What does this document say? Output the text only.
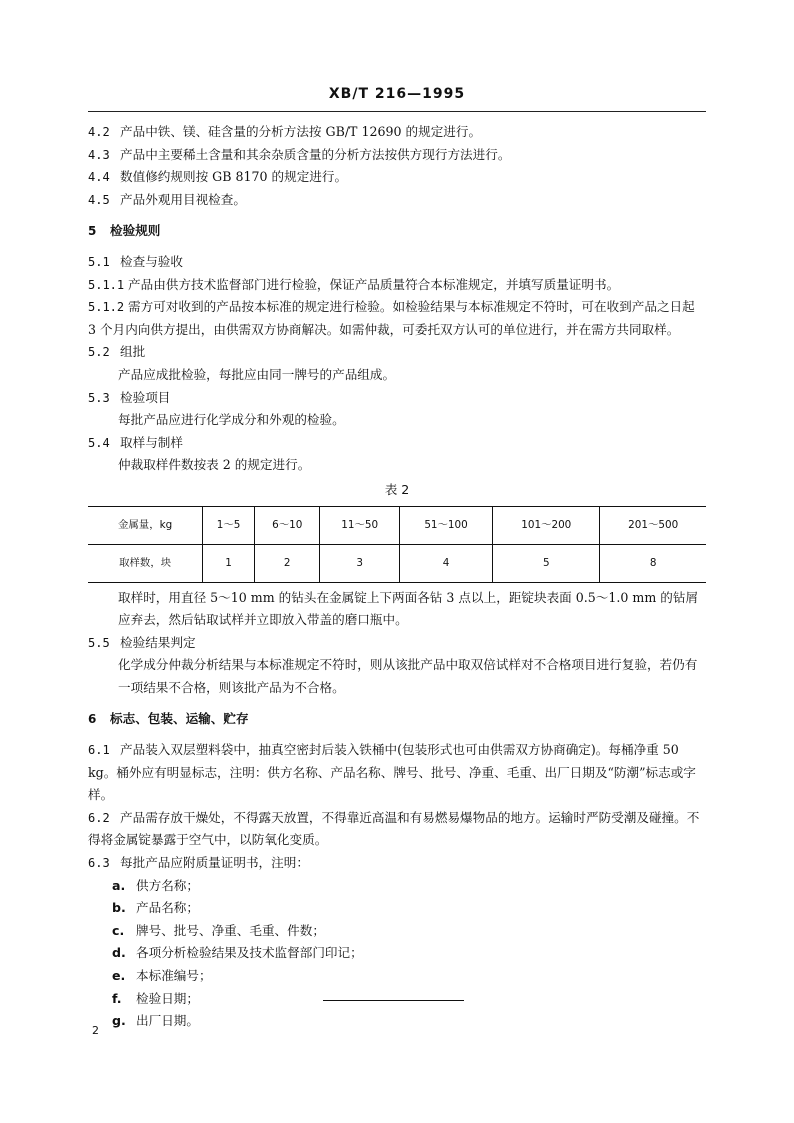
XB/T 216—1995

4.2 产品中铁、镁、硅含量的分析方法按 GB/T 12690 的规定进行。

4.3 产品中主要稀土含量和其余杂质含量的分析方法按供方现行方法进行。

4.4 数值修约规则按 GB 8170 的规定进行。

4.5 产品外观用目视检查。

5 检验规则

5.1 检查与验收

5.1.1 产品由供方技术监督部门进行检验，保证产品质量符合本标准规定，并填写质量证明书。

5.1.2 需方可对收到的产品按本标准的规定进行检验。如检验结果与本标准规定不符时，可在收到产品之日起 3 个月内向供方提出，由供需双方协商解决。如需仲裁，可委托双方认可的单位进行，并在需方共同取样。

5.2 组批

产品应成批检验，每批应由同一牌号的产品组成。

5.3 检验项目

每批产品应进行化学成分和外观的检验。

5.4 取样与制样

仲裁取样件数按表 2 的规定进行。

表 2
金属量，kg	1～5	6～10	11～50	51～100	101～200	201～500
取样数，块	1	2	3	4	5	8

取样时，用直径 5～10 mm 的钻头在金属锭上下两面各钻 3 点以上，距锭块表面 0.5～1.0 mm 的钻屑应弃去，然后钻取试样并立即放入带盖的磨口瓶中。

5.5 检验结果判定

化学成分仲裁分析结果与本标准规定不符时，则从该批产品中取双倍试样对不合格项目进行复验，若仍有一项结果不合格，则该批产品为不合格。

6 标志、包装、运输、贮存

6.1 产品装入双层塑料袋中，抽真空密封后装入铁桶中(包装形式也可由供需双方协商确定)。每桶净重 50 kg。桶外应有明显标志，注明：供方名称、产品名称、牌号、批号、净重、毛重、出厂日期及“防潮”标志或字样。

6.2 产品需存放干燥处，不得露天放置，不得靠近高温和有易燃易爆物品的地方。运输时严防受潮及碰撞。不得将金属锭暴露于空气中，以防氧化变质。

6.3 每批产品应附质量证明书，注明：

a. 供方名称；
b. 产品名称；
c. 牌号、批号、净重、毛重、件数；
d. 各项分析检验结果及技术监督部门印记；
e. 本标准编号；
f. 检验日期；
g. 出厂日期。
2
